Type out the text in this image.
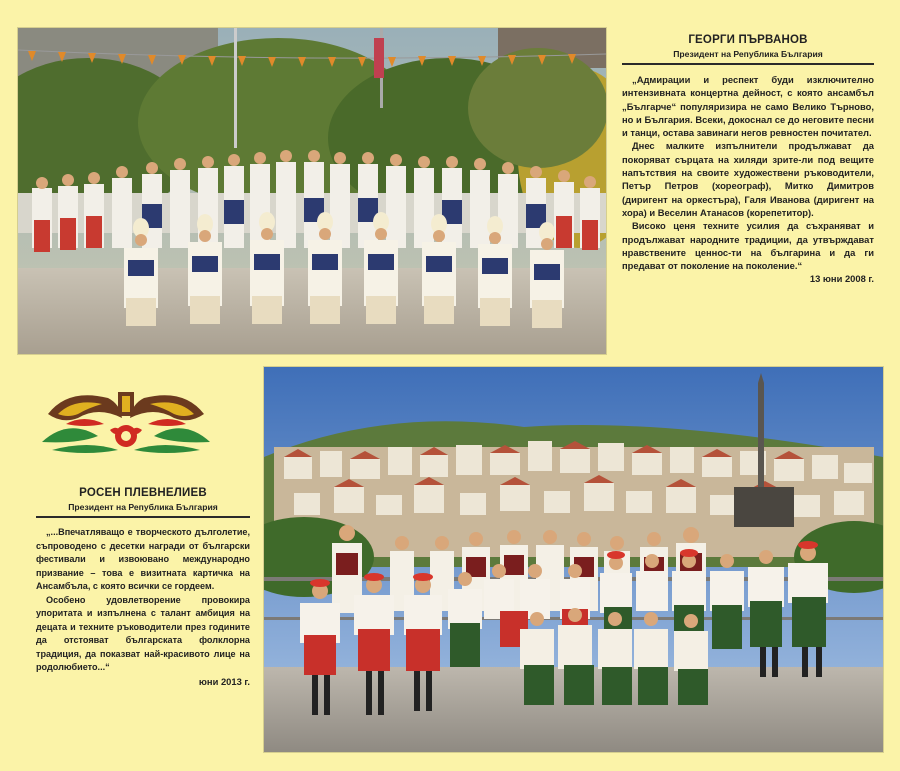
ГЕОРГИ ПЪРВАНОВ
Президент на Република България

„Адмирации и респект буди изключително интензивната концертна дейност, с която ансамбъл „Българче“ популяризира не само Велико Търново, но и България. Всеки, докоснал се до неговите песни и танци, остава завинаги негов ревностен почитател.

Днес малките изпълнители продължават да покоряват сърцата на хиляди зрите-ли под вещите напътствия на своите художествени ръководители, Петър Петров (хореограф), Митко Димитров (диригент на оркестъра), Галя Иванова (диригент на хора) и Веселин Атанасов (корепетитор).

Високо ценя техните усилия да съхраняват и продължават народните традиции, да утвърждават нравствените ценнос-ти на българина и да ги предават от поколение на поколение.“

13 юни 2008 г.
РОСЕН ПЛЕВНЕЛИЕВ
Президент на Република България

„...Впечатляващо е творческото дълголетие, съпроводено с десетки награди от български фестивали и извоювано международно призвание – това е визитната картичка на Ансамбъла, с която всички се гордеем.

Особено удовлетворение провокира упоритата и изпълнена с талант амбиция на децата и техните ръководители през годините да отстояват българската фолклорна традиция, да показват най-красивото лице на родолюбието...“

юни 2013 г.
